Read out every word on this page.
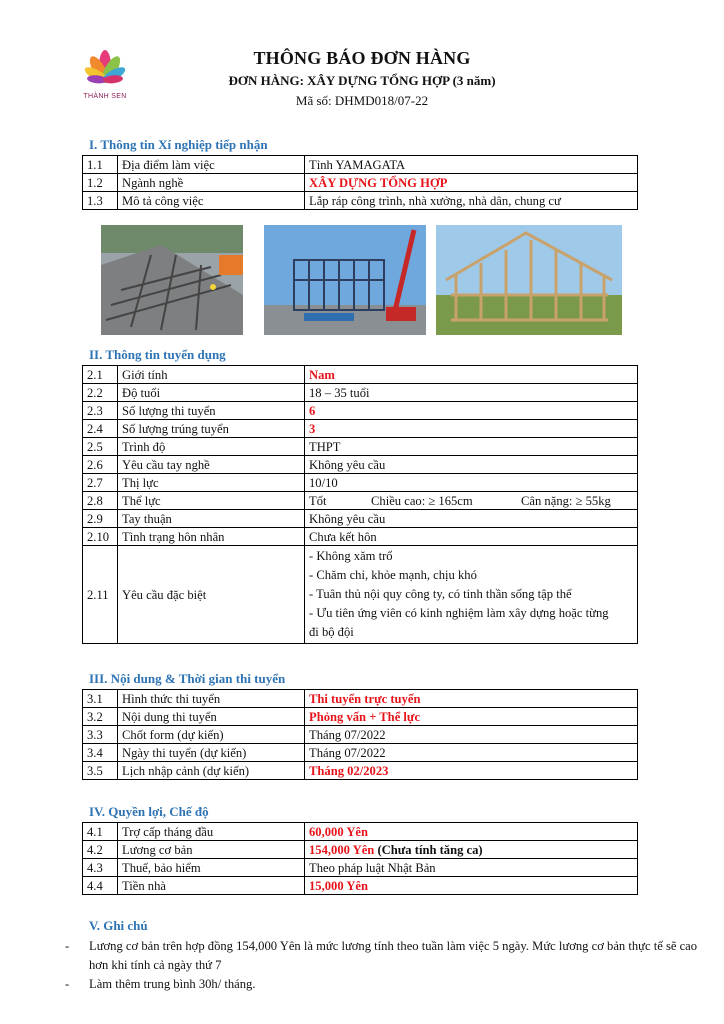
THÀNH SEN
THÔNG BÁO ĐƠN HÀNG
ĐƠN HÀNG: XÂY DỰNG TỔNG HỢP (3 năm)
Mã số: DHMD018/07-22
I. Thông tin Xí nghiệp tiếp nhận
1.1	Địa điểm làm việc	Tỉnh YAMAGATA
1.2	Ngành nghề	XÂY DỰNG TỔNG HỢP
1.3	Mô tả công việc	Lắp ráp công trình, nhà xưởng, nhà dân, chung cư
II. Thông tin tuyển dụng
2.1	Giới tính	Nam
2.2	Độ tuổi	18 – 35 tuổi
2.3	Số lượng thi tuyển	6
2.4	Số lượng trúng tuyển	3
2.5	Trình độ	THPT
2.6	Yêu cầu tay nghề	Không yêu cầu
2.7	Thị lực	10/10
2.8	Thể lực	Tốt Chiều cao: ≥ 165cm Cân nặng: ≥ 55kg
2.9	Tay thuận	Không yêu cầu
2.10	Tình trạng hôn nhân	Chưa kết hôn
2.11	Yêu cầu đặc biệt	- Không xăm trổ
- Chăm chỉ, khỏe mạnh, chịu khó
- Tuân thủ nội quy công ty, có tinh thần sống tập thể
- Ưu tiên ứng viên có kinh nghiệm làm xây dựng hoặc từng
đi bộ đội
III. Nội dung & Thời gian thi tuyển
3.1	Hình thức thi tuyển	Thi tuyển trực tuyến
3.2	Nội dung thi tuyển	Phỏng vấn + Thể lực
3.3	Chốt form (dự kiến)	Tháng 07/2022
3.4	Ngày thi tuyển (dự kiến)	Tháng 07/2022
3.5	Lịch nhập cảnh (dự kiến)	Tháng 02/2023
IV. Quyền lợi, Chế độ
4.1	Trợ cấp tháng đầu	60,000 Yên
4.2	Lương cơ bản	154,000 Yên (Chưa tính tăng ca)
4.3	Thuế, bảo hiểm	Theo pháp luật Nhật Bản
4.4	Tiền nhà	15,000 Yên
V. Ghi chú
- Lương cơ bản trên hợp đồng 154,000 Yên là mức lương tính theo tuần làm việc 5 ngày. Mức lương cơ bản thực tế sẽ cao hơn khi tính cả ngày thứ 7
- Làm thêm trung bình 30h/ tháng.
